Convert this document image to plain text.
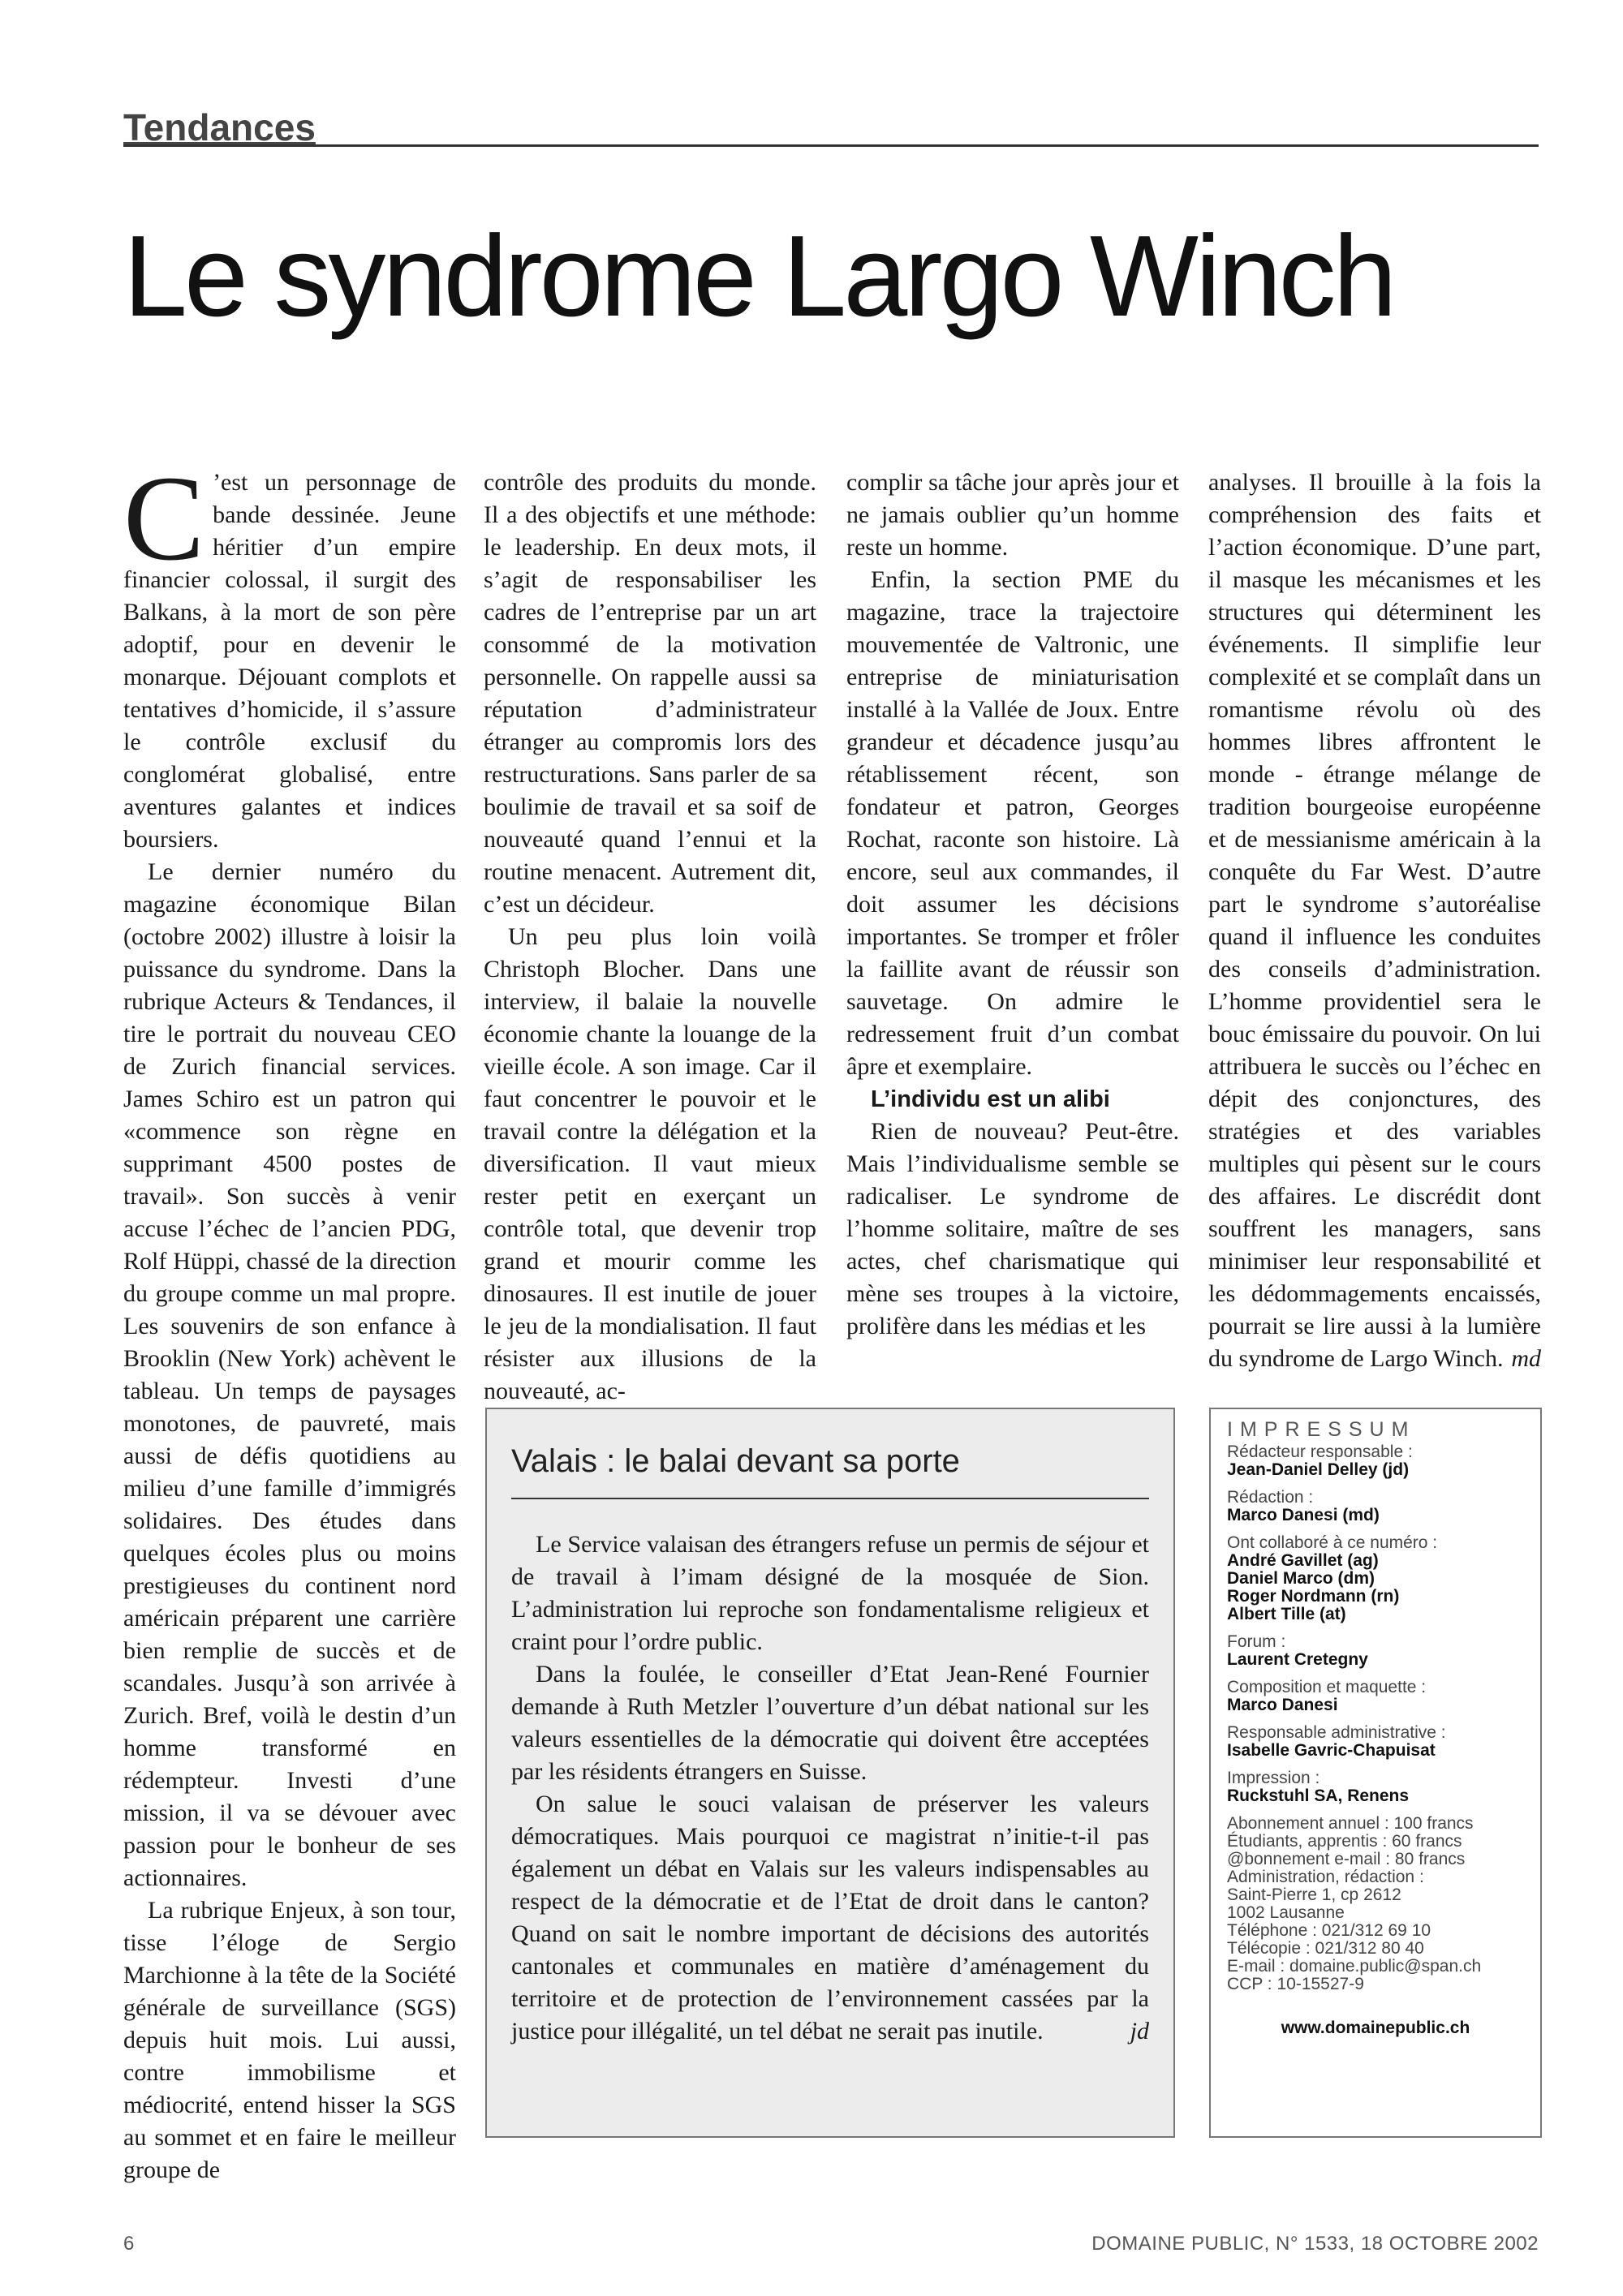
Tendances
Le syndrome Largo Winch

C ’est un personnage de bande dessinée. Jeune héritier d’un empire financier colossal, il surgit des Balkans, à la mort de son père adoptif, pour en devenir le monarque. Déjouant complots et tentatives d’homicide, il s’assure le contrôle exclusif du conglomérat globalisé, entre aventures galantes et indices boursiers.

Le dernier numéro du magazine économique Bilan (octobre 2002) illustre à loisir la puissance du syndrome. Dans la rubrique Acteurs & Tendances, il tire le portrait du nouveau CEO de Zurich financial services. James Schiro est un patron qui «commence son règne en supprimant 4500 postes de travail». Son succès à venir accuse l’échec de l’ancien PDG, Rolf Hüppi, chassé de la direction du groupe comme un mal propre. Les souvenirs de son enfance à Brooklin (New York) achèvent le tableau. Un temps de paysages monotones, de pauvreté, mais aussi de défis quotidiens au milieu d’une famille d’immigrés solidaires. Des études dans quelques écoles plus ou moins prestigieuses du continent nord américain préparent une carrière bien remplie de succès et de scandales. Jusqu’à son arrivée à Zurich. Bref, voilà le destin d’un homme transformé en rédempteur. Investi d’une mission, il va se dévouer avec passion pour le bonheur de ses actionnaires.

La rubrique Enjeux, à son tour, tisse l’éloge de Sergio Marchionne à la tête de la Société générale de surveillance (SGS) depuis huit mois. Lui aussi, contre immobilisme et médiocrité, entend hisser la SGS au sommet et en faire le meilleur groupe de

contrôle des produits du monde. Il a des objectifs et une méthode: le leadership. En deux mots, il s’agit de responsabiliser les cadres de l’entreprise par un art consommé de la motivation personnelle. On rappelle aussi sa réputation d’administrateur étranger au compromis lors des restructurations. Sans parler de sa boulimie de travail et sa soif de nouveauté quand l’ennui et la routine menacent. Autrement dit, c’est un décideur.

Un peu plus loin voilà Christoph Blocher. Dans une interview, il balaie la nouvelle économie chante la louange de la vieille école. A son image. Car il faut concentrer le pouvoir et le travail contre la délégation et la diversification. Il vaut mieux rester petit en exerçant un contrôle total, que devenir trop grand et mourir comme les dinosaures. Il est inutile de jouer le jeu de la mondialisation. Il faut résister aux illusions de la nouveauté, ac-

complir sa tâche jour après jour et ne jamais oublier qu’un homme reste un homme.

Enfin, la section PME du magazine, trace la trajectoire mouvementée de Valtronic, une entreprise de miniaturisation installé à la Vallée de Joux. Entre grandeur et décadence jusqu’au rétablissement récent, son fondateur et patron, Georges Rochat, raconte son histoire. Là encore, seul aux commandes, il doit assumer les décisions importantes. Se tromper et frôler la faillite avant de réussir son sauvetage. On admire le redressement fruit d’un combat âpre et exemplaire.

L’individu est un alibi

Rien de nouveau? Peut-être. Mais l’individualisme semble se radicaliser. Le syndrome de l’homme solitaire, maître de ses actes, chef charismatique qui mène ses troupes à la victoire, prolifère dans les médias et les

analyses. Il brouille à la fois la compréhension des faits et l’action économique. D’une part, il masque les mécanismes et les structures qui déterminent les événements. Il simplifie leur complexité et se complaît dans un romantisme révolu où des hommes libres affrontent le monde - étrange mélange de tradition bourgeoise européenne et de messianisme américain à la conquête du Far West. D’autre part le syndrome s’autoréalise quand il influence les conduites des conseils d’administration. L’homme providentiel sera le bouc émissaire du pouvoir. On lui attribuera le succès ou l’échec en dépit des conjonctures, des stratégies et des variables multiples qui pèsent sur le cours des affaires. Le discrédit dont souffrent les managers, sans minimiser leur responsabilité et les dédommagements encaissés, pourrait se lire aussi à la lumière du syndrome de Largo Winch. md

Valais : le balai devant sa porte

Le Service valaisan des étrangers refuse un permis de séjour et de travail à l’imam désigné de la mosquée de Sion. L’administration lui reproche son fondamentalisme religieux et craint pour l’ordre public.

Dans la foulée, le conseiller d’Etat Jean-René Fournier demande à Ruth Metzler l’ouverture d’un débat national sur les valeurs essentielles de la démocratie qui doivent être acceptées par les résidents étrangers en Suisse.

On salue le souci valaisan de préserver les valeurs démocratiques. Mais pourquoi ce magistrat n’initie-t-il pas également un débat en Valais sur les valeurs indispensables au respect de la démocratie et de l’Etat de droit dans le canton? Quand on sait le nombre important de décisions des autorités cantonales et communales en matière d’aménagement du territoire et de protection de l’environnement cassées par la justice pour illégalité, un tel débat ne serait pas inutile.	jd

IMPRESSUM
Rédacteur responsable :
Jean-Daniel Delley (jd)
Rédaction :
Marco Danesi (md)
Ont collaboré à ce numéro :
André Gavillet (ag)
Daniel Marco (dm)
Roger Nordmann (rn)
Albert Tille (at)
Forum :
Laurent Cretegny
Composition et maquette :
Marco Danesi
Responsable administrative :
Isabelle Gavric-Chapuisat
Impression :
Ruckstuhl SA, Renens
Abonnement annuel : 100 francs
Étudiants, apprentis : 60 francs
@bonnement e-mail : 80 francs
Administration, rédaction :
Saint-Pierre 1, cp 2612
1002 Lausanne
Téléphone : 021/312 69 10
Télécopie : 021/312 80 40
E-mail : domaine.public@span.ch
CCP : 10-15527-9
www.domainepublic.ch
6	DOMAINE PUBLIC, N° 1533, 18 OCTOBRE 2002
